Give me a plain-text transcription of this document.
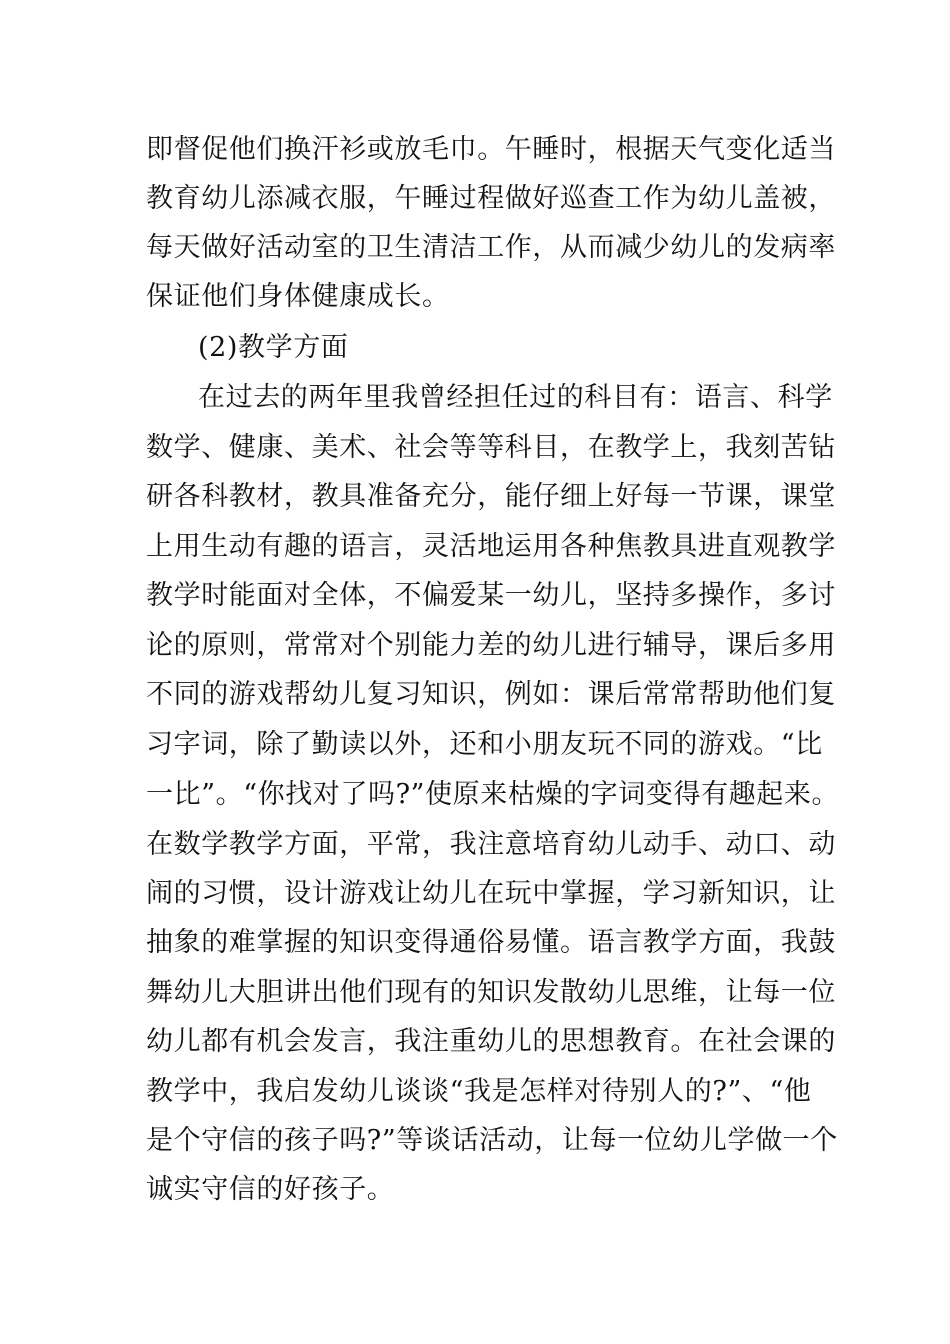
即督促他们换汗衫或放毛巾。午睡时，根据天气变化适当
教育幼儿添减衣服，午睡过程做好巡查工作为幼儿盖被，
每天做好活动室的卫生清洁工作，从而减少幼儿的发病率
保证他们身体健康成长。
(2)教学方面
在过去的两年里我曾经担任过的科目有：语言、科学
数学、健康、美术、社会等等科目，在教学上，我刻苦钻
研各科教材，教具准备充分，能仔细上好每一节课，课堂
上用生动有趣的语言，灵活地运用各种焦教具进直观教学
教学时能面对全体，不偏爱某一幼儿，坚持多操作，多讨
论的原则，常常对个别能力差的幼儿进行辅导，课后多用
不同的游戏帮幼儿复习知识，例如：课后常常帮助他们复
习字词，除了勤读以外，还和小朋友玩不同的游戏。“比
一比”。“你找对了吗?”使原来枯燥的字词变得有趣起来。
在数学教学方面，平常，我注意培育幼儿动手、动口、动
闹的习惯，设计游戏让幼儿在玩中掌握，学习新知识，让
抽象的难掌握的知识变得通俗易懂。语言教学方面，我鼓
舞幼儿大胆讲出他们现有的知识发散幼儿思维，让每一位
幼儿都有机会发言，我注重幼儿的思想教育。在社会课的
教学中，我启发幼儿谈谈“我是怎样对待别人的?”、“他
是个守信的孩子吗?”等谈话活动，让每一位幼儿学做一个
诚实守信的好孩子。
